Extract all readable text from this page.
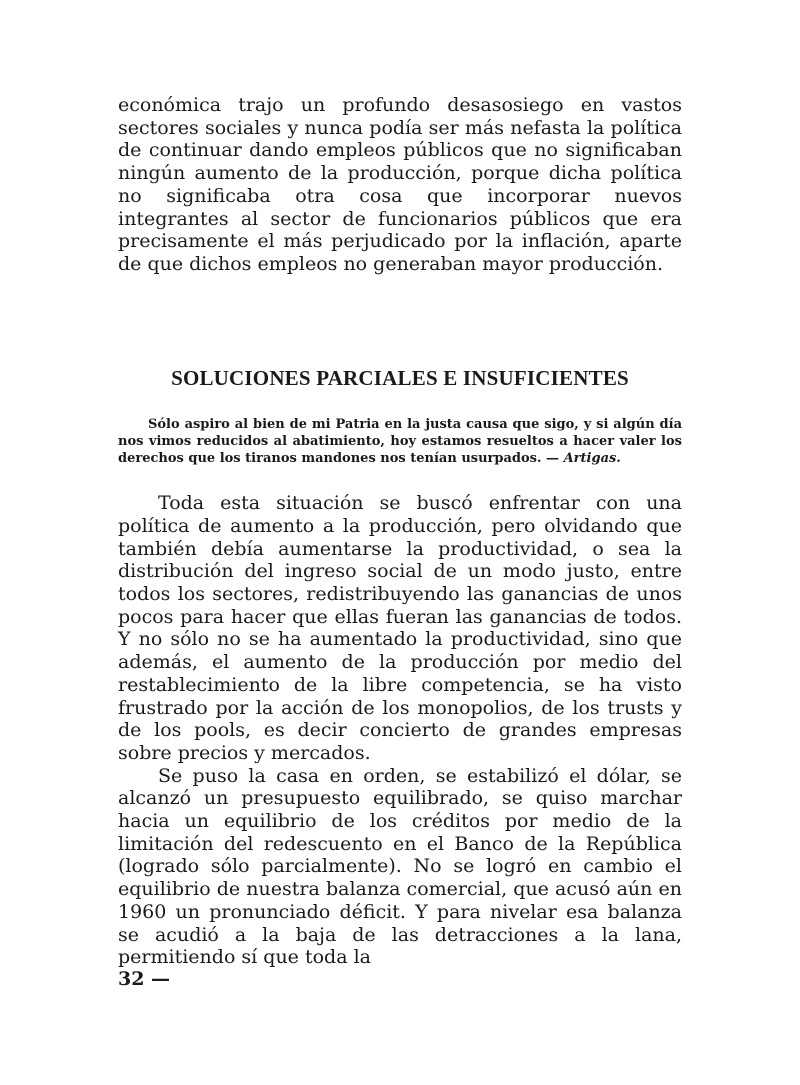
económica trajo un profundo desasosiego en vastos sectores sociales y nunca podía ser más nefasta la política de continuar dando empleos públicos que no significaban ningún aumento de la producción, porque dicha política no significaba otra cosa que incorporar nuevos integrantes al sector de funcionarios públicos que era precisamente el más perjudicado por la inflación, aparte de que dichos empleos no generaban mayor producción.

SOLUCIONES PARCIALES E INSUFICIENTES

Sólo aspiro al bien de mi Patria en la justa causa que sigo, y si algún día nos vimos reducidos al abatimiento, hoy estamos resueltos a hacer valer los derechos que los tiranos mandones nos tenían usurpados. — Artigas.

Toda esta situación se buscó enfrentar con una política de aumento a la producción, pero olvidando que también debía aumentarse la productividad, o sea la distribución del ingreso social de un modo justo, entre todos los sectores, redistribuyendo las ganancias de unos pocos para hacer que ellas fueran las ganancias de todos. Y no sólo no se ha aumentado la productividad, sino que además, el aumento de la producción por medio del restablecimiento de la libre competencia, se ha visto frustrado por la acción de los monopolios, de los trusts y de los pools, es decir concierto de grandes empresas sobre precios y mercados.

Se puso la casa en orden, se estabilizó el dólar, se alcanzó un presupuesto equilibrado, se quiso marchar hacia un equilibrio de los créditos por medio de la limitación del redescuento en el Banco de la República (logrado sólo parcialmente). No se logró en cambio el equilibrio de nuestra balanza comercial, que acusó aún en 1960 un pronunciado déficit. Y para nivelar esa balanza se acudió a la baja de las detracciones a la lana, permitiendo sí que toda la

32 —
